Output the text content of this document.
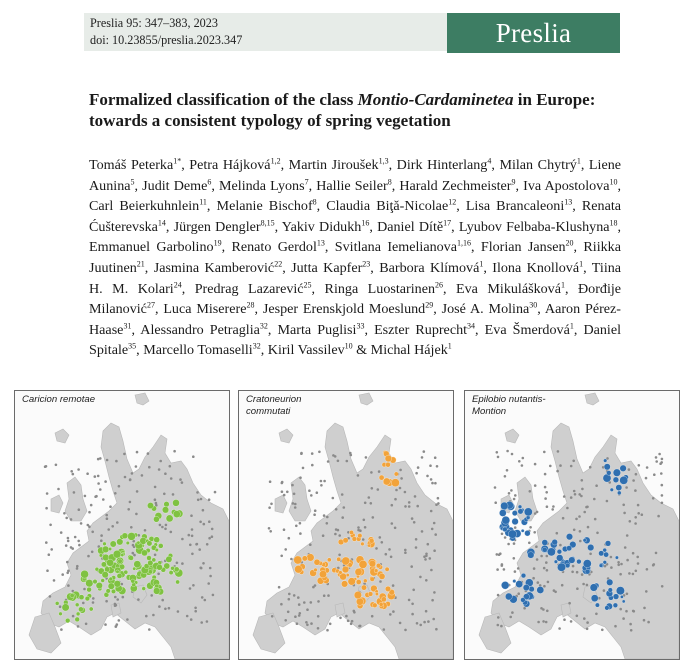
Preslia 95: 347–383, 2023
doi: 10.23855/preslia.2023.347	Preslia
Formalized classification of the class Montio-Cardaminetea in Europe: towards a consistent typology of spring vegetation
Tomáš Peterka$^{1*}$, Petra Hájková$^{1,2}$, Martin Jiroušek$^{1,3}$, Dirk Hinterlang$^4$, Milan Chytrý$^1$, Liene Aunina$^5$, Judit Deme$^6$, Melinda Lyons$^7$, Hallie Seiler$^8$, Harald Zechmeister$^9$, Iva Apostolova$^{10}$, Carl Beierkuhnlein$^{11}$, Melanie Bischof$^8$, Claudia Biţă-Nicolae$^{12}$, Lisa Brancaleoni$^{13}$, Renata Ćušterevska$^{14}$, Jürgen Dengler$^{8,15}$, Yakiv Didukh$^{16}$, Daniel Dítě$^{17}$, Lyubov Felbaba-Klushyna$^{18}$, Emmanuel Garbolino$^{19}$, Renato Gerdol$^{13}$, Svitlana Iemelianova$^{1,16}$, Florian Jansen$^{20}$, Riikka Juutinen$^{21}$, Jasmina Kamberović$^{22}$, Jutta Kapfer$^{23}$, Barbora Klímová$^1$, Ilona Knollová$^1$, Tiina H. M. Kolari$^{24}$, Predrag Lazarević$^{25}$, Ringa Luostarinen$^{26}$, Eva Mikulášková$^1$, Đorđije Milanović$^{27}$, Luca Miserere$^{28}$, Jesper Erenskjold Moeslund$^{29}$, José A. Molina$^{30}$, Aaron Pérez-Haase$^{31}$, Alessandro Petraglia$^{32}$, Marta Puglisi$^{33}$, Eszter Ruprecht$^{34}$, Eva Šmerdová$^1$, Daniel Spitale$^{35}$, Marcello Tomaselli$^{32}$, Kiril Vassilev$^{10}$ & Michal Hájek$^1$
Caricion remotae	Cratoneurion commutati
Epilobio nutantis-Montion
